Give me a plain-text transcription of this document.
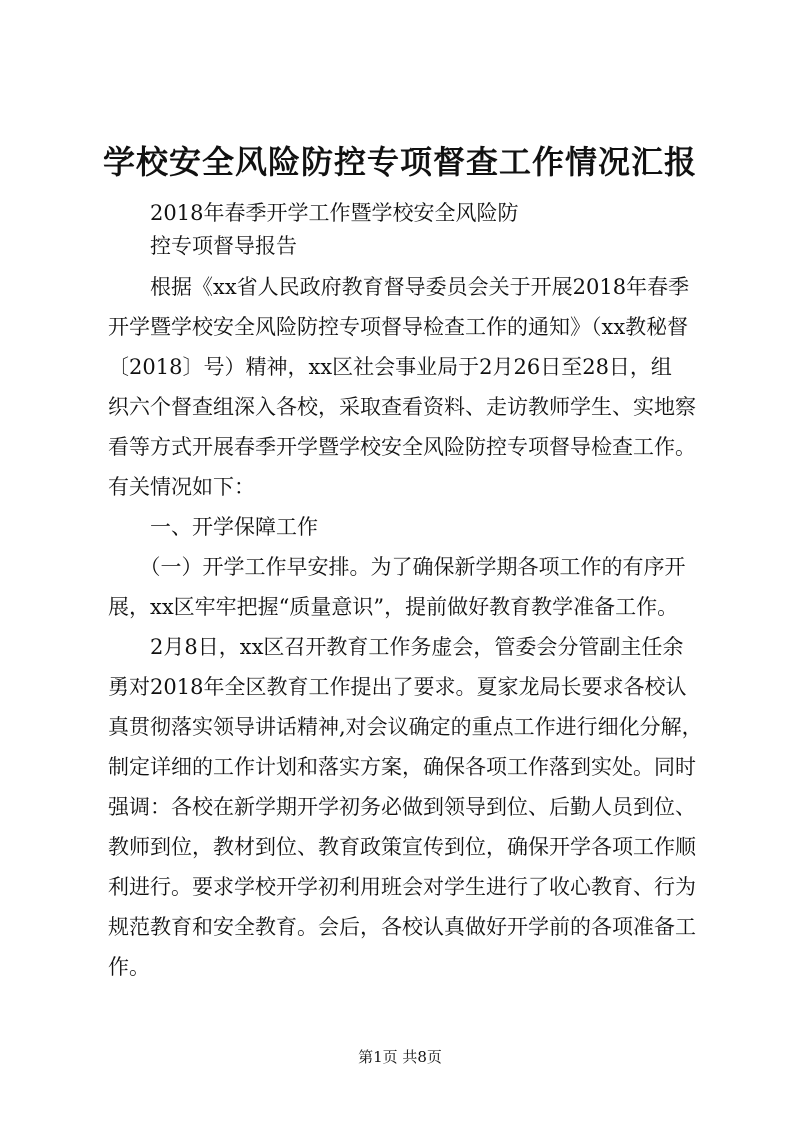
学校安全风险防控专项督查工作情况汇报
　　2018年春季开学工作暨学校安全风险防
　　控专项督导报告
　　根据《xx省人民政府教育督导委员会关于开展2018年春季
开学暨学校安全风险防控专项督导检查工作的通知》（xx教秘督
〔2018〕号）精神，xx区社会事业局于2月26日至28日，组
织六个督查组深入各校，采取查看资料、走访教师学生、实地察
看等方式开展春季开学暨学校安全风险防控专项督导检查工作。
有关情况如下：
　　一、开学保障工作
　　（一）开学工作早安排。为了确保新学期各项工作的有序开
展，xx区牢牢把握“质量意识”，提前做好教育教学准备工作。
　　2月8日，xx区召开教育工作务虚会，管委会分管副主任余
勇对2018年全区教育工作提出了要求。夏家龙局长要求各校认
真贯彻落实领导讲话精神,对会议确定的重点工作进行细化分解，
制定详细的工作计划和落实方案，确保各项工作落到实处。同时
强调：各校在新学期开学初务必做到领导到位、后勤人员到位、
教师到位，教材到位、教育政策宣传到位，确保开学各项工作顺
利进行。要求学校开学初利用班会对学生进行了收心教育、行为
规范教育和安全教育。会后，各校认真做好开学前的各项准备工
作。
第1页 共8页
